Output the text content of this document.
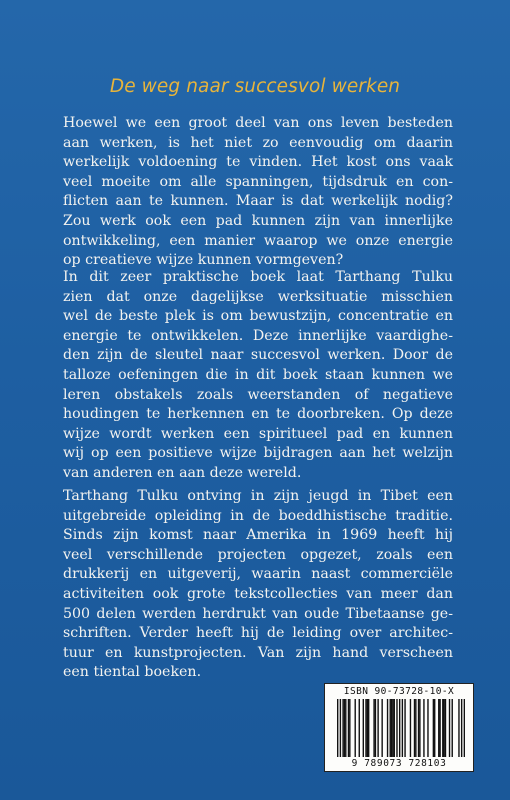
De weg naar succesvol werken
Hoewel we een groot deel van ons leven besteden
aan werken, is het niet zo eenvoudig om daarin
werkelijk voldoening te vinden. Het kost ons vaak
veel moeite om alle spanningen, tijdsdruk en con-
flicten aan te kunnen. Maar is dat werkelijk nodig?
Zou werk ook een pad kunnen zijn van innerlijke
ontwikkeling, een manier waarop we onze energie
op creatieve wijze kunnen vormgeven?
In dit zeer praktische boek laat Tarthang Tulku
zien dat onze dagelijkse werksituatie misschien
wel de beste plek is om bewustzijn, concentratie en
energie te ontwikkelen. Deze innerlijke vaardighe-
den zijn de sleutel naar succesvol werken. Door de
talloze oefeningen die in dit boek staan kunnen we
leren obstakels zoals weerstanden of negatieve
houdingen te herkennen en te doorbreken. Op deze
wijze wordt werken een spiritueel pad en kunnen
wij op een positieve wijze bijdragen aan het welzijn
van anderen en aan deze wereld.
Tarthang Tulku ontving in zijn jeugd in Tibet een
uitgebreide opleiding in de boeddhistische traditie.
Sinds zijn komst naar Amerika in 1969 heeft hij
veel verschillende projecten opgezet, zoals een
drukkerij en uitgeverij, waarin naast commerciële
activiteiten ook grote tekstcollecties van meer dan
500 delen werden herdrukt van oude Tibetaanse ge-
schriften. Verder heeft hij de leiding over architec-
tuur en kunstprojecten. Van zijn hand verscheen
een tiental boeken.
ISBN 90-73728-10-X
9 789073 728103
